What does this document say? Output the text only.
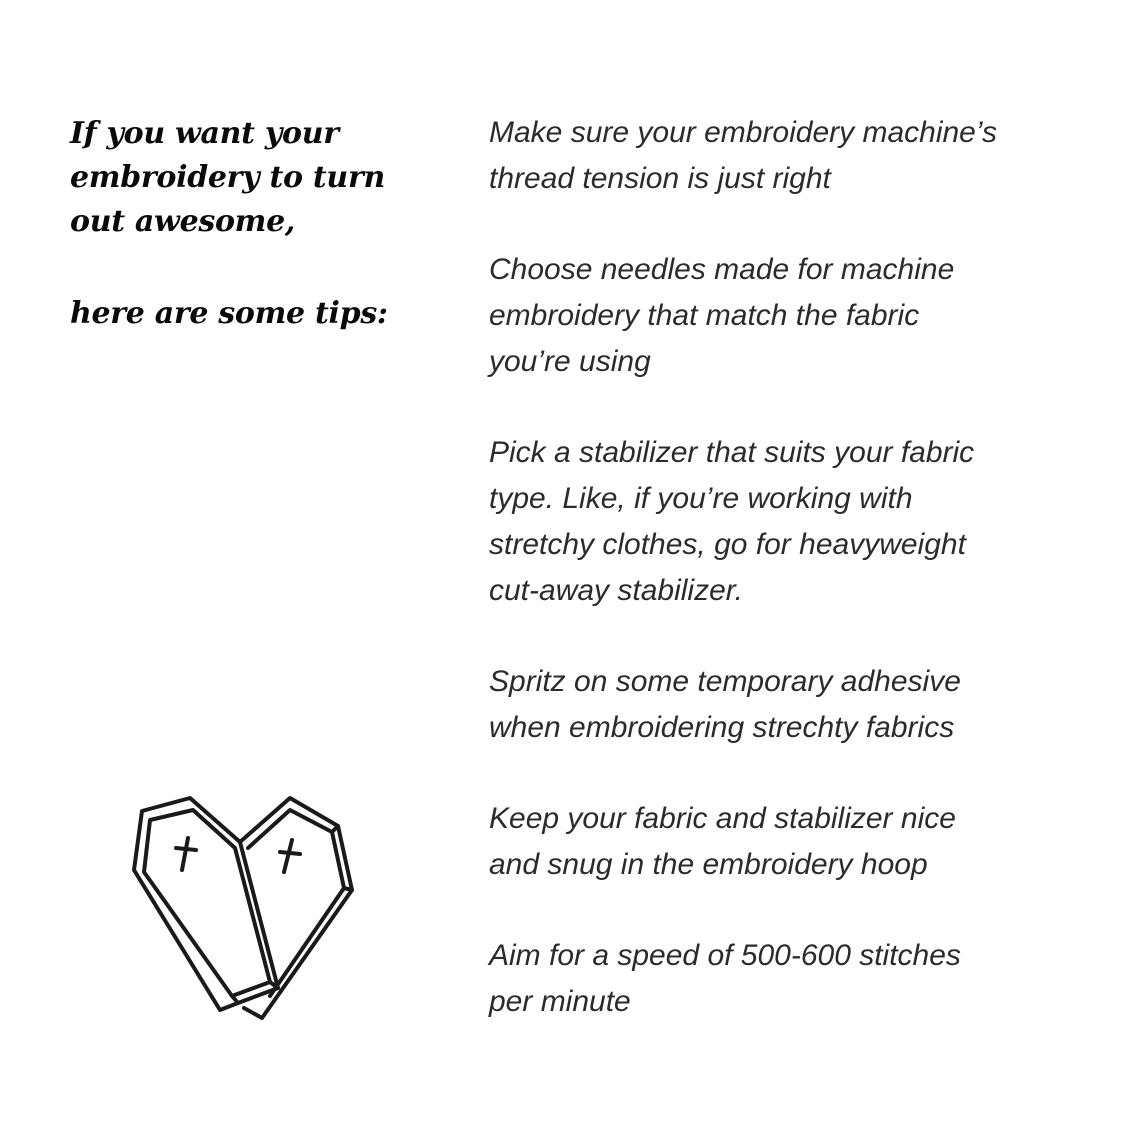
If you want your
embroidery to turn
out awesome,
here are some tips:

Make sure your embroidery machine’s
thread tension is just right

Choose needles made for machine
embroidery that match the fabric
you’re using

Pick a stabilizer that suits your fabric
type. Like, if you’re working with
stretchy clothes, go for heavyweight
cut-away stabilizer.

Spritz on some temporary adhesive
when embroidering strechty fabrics

Keep your fabric and stabilizer nice
and snug in the embroidery hoop

Aim for a speed of 500-600 stitches
per minute
